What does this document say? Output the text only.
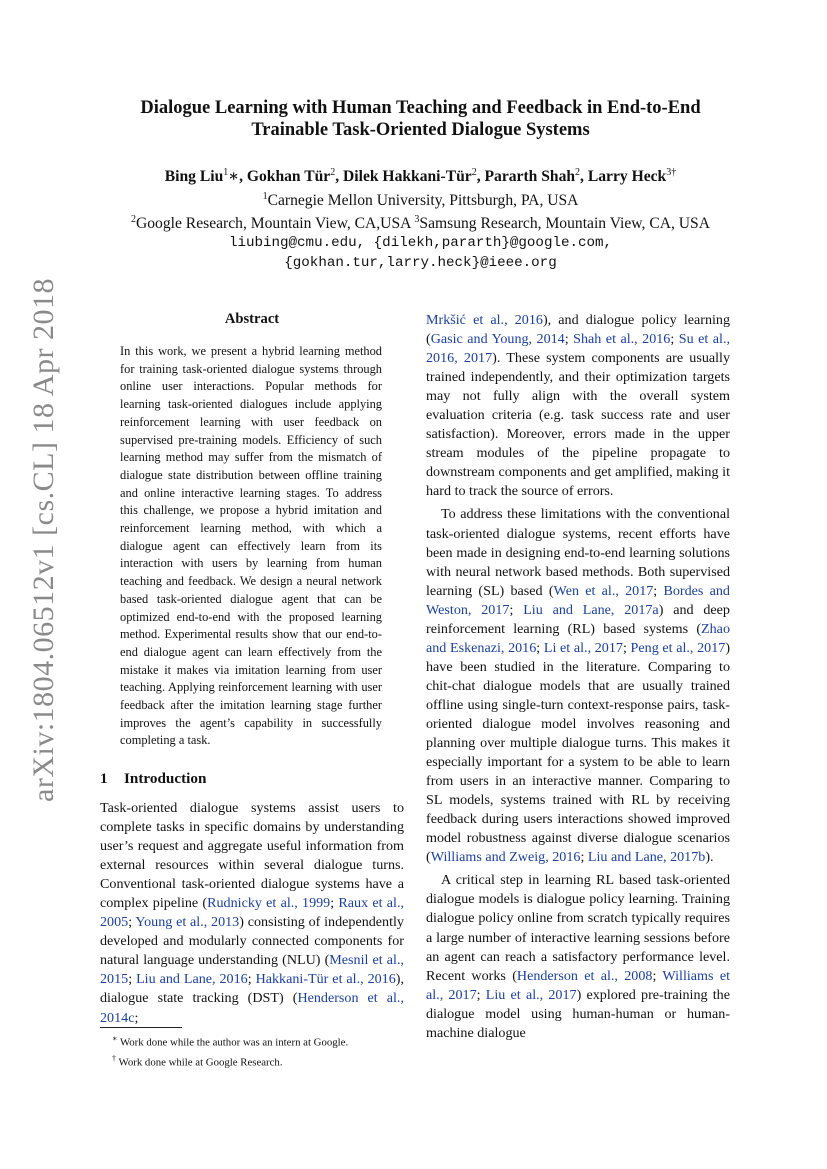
arXiv:1804.06512v1 [cs.CL] 18 Apr 2018
Dialogue Learning with Human Teaching and Feedback in End-to-End Trainable Task-Oriented Dialogue Systems
Bing Liu$^1$∗, Gokhan Tür$^2$, Dilek Hakkani-Tür$^2$, Pararth Shah$^2$, Larry Heck$^{3\dagger}$
$^1$Carnegie Mellon University, Pittsburgh, PA, USA
$^2$Google Research, Mountain View, CA,USA $^3$Samsung Research, Mountain View, CA, USA
liubing@cmu.edu, {dilekh,pararth}@google.com,
{gokhan.tur,larry.heck}@ieee.org
Abstract

In this work, we present a hybrid learning method for training task-oriented dialogue systems through online user interactions. Popular methods for learning task-oriented dialogues include applying reinforcement learning with user feedback on supervised pre-training models. Efficiency of such learning method may suffer from the mismatch of dialogue state distribution between offline training and online interactive learning stages. To address this challenge, we propose a hybrid imitation and reinforcement learning method, with which a dialogue agent can effectively learn from its interaction with users by learning from human teaching and feedback. We design a neural network based task-oriented dialogue agent that can be optimized end-to-end with the proposed learning method. Experimental results show that our end-to-end dialogue agent can learn effectively from the mistake it makes via imitation learning from user teaching. Applying reinforcement learning with user feedback after the imitation learning stage further improves the agent’s capability in successfully completing a task.

1 Introduction

Task-oriented dialogue systems assist users to complete tasks in specific domains by understanding user’s request and aggregate useful information from external resources within several dialogue turns. Conventional task-oriented dialogue systems have a complex pipeline (Rudnicky et al., 1999; Raux et al., 2005; Young et al., 2013) consisting of independently developed and modularly connected components for natural language understanding (NLU) (Mesnil et al., 2015; Liu and Lane, 2016; Hakkani-Tür et al., 2016), dialogue state tracking (DST) (Henderson et al., 2014c;

∗ Work done while the author was an intern at Google.
† Work done while at Google Research.

Mrkšić et al., 2016), and dialogue policy learning (Gasic and Young, 2014; Shah et al., 2016; Su et al., 2016, 2017). These system components are usually trained independently, and their optimization targets may not fully align with the overall system evaluation criteria (e.g. task success rate and user satisfaction). Moreover, errors made in the upper stream modules of the pipeline propagate to downstream components and get amplified, making it hard to track the source of errors.

To address these limitations with the conventional task-oriented dialogue systems, recent efforts have been made in designing end-to-end learning solutions with neural network based methods. Both supervised learning (SL) based (Wen et al., 2017; Bordes and Weston, 2017; Liu and Lane, 2017a) and deep reinforcement learning (RL) based systems (Zhao and Eskenazi, 2016; Li et al., 2017; Peng et al., 2017) have been studied in the literature. Comparing to chit-chat dialogue models that are usually trained offline using single-turn context-response pairs, task-oriented dialogue model involves reasoning and planning over multiple dialogue turns. This makes it especially important for a system to be able to learn from users in an interactive manner. Comparing to SL models, systems trained with RL by receiving feedback during users interactions showed improved model robustness against diverse dialogue scenarios (Williams and Zweig, 2016; Liu and Lane, 2017b).

A critical step in learning RL based task-oriented dialogue models is dialogue policy learning. Training dialogue policy online from scratch typically requires a large number of interactive learning sessions before an agent can reach a satisfactory performance level. Recent works (Henderson et al., 2008; Williams et al., 2017; Liu et al., 2017) explored pre-training the dialogue model using human-human or human-machine dialogue
